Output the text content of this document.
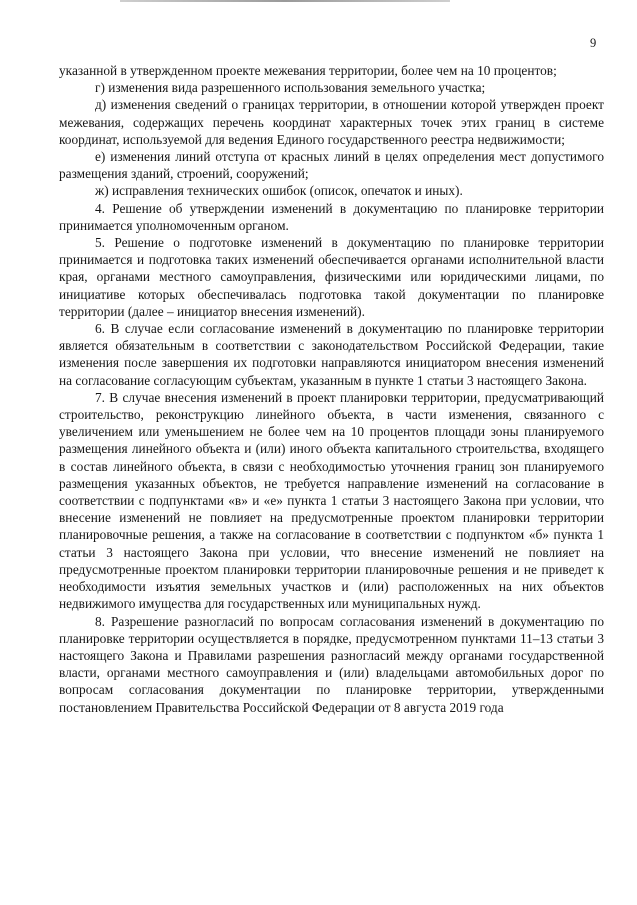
9

указанной в утвержденном проекте межевания территории, более чем на 10 процентов;

г) изменения вида разрешенного использования земельного участка;

д) изменения сведений о границах территории, в отношении которой утвержден проект межевания, содержащих перечень координат характерных точек этих границ в системе координат, используемой для ведения Единого государственного реестра недвижимости;

е) изменения линий отступа от красных линий в целях определения мест допустимого размещения зданий, строений, сооружений;

ж) исправления технических ошибок (описок, опечаток и иных).

4. Решение об утверждении изменений в документацию по планировке территории принимается уполномоченным органом.

5. Решение о подготовке изменений в документацию по планировке территории принимается и подготовка таких изменений обеспечивается органами исполнительной власти края, органами местного самоуправления, физическими или юридическими лицами, по инициативе которых обеспечивалась подготовка такой документации по планировке территории (далее – инициатор внесения изменений).

6. В случае если согласование изменений в документацию по планировке территории является обязательным в соответствии с законодательством Российской Федерации, такие изменения после завершения их подготовки направляются инициатором внесения изменений на согласование согласующим субъектам, указанным в пункте 1 статьи 3 настоящего Закона.

7. В случае внесения изменений в проект планировки территории, предусматривающий строительство, реконструкцию линейного объекта, в части изменения, связанного с увеличением или уменьшением не более чем на 10 процентов площади зоны планируемого размещения линейного объекта и (или) иного объекта капитального строительства, входящего в состав линейного объекта, в связи с необходимостью уточнения границ зон планируемого размещения указанных объектов, не требуется направление изменений на согласование в соответствии с подпунктами «в» и «е» пункта 1 статьи 3 настоящего Закона при условии, что внесение изменений не повлияет на предусмотренные проектом планировки территории планировочные решения, а также на согласование в соответствии с подпунктом «б» пункта 1 статьи 3 настоящего Закона при условии, что внесение изменений не повлияет на предусмотренные проектом планировки территории планировочные решения и не приведет к необходимости изъятия земельных участков и (или) расположенных на них объектов недвижимого имущества для государственных или муниципальных нужд.

8. Разрешение разногласий по вопросам согласования изменений в документацию по планировке территории осуществляется в порядке, предусмотренном пунктами 11–13 статьи 3 настоящего Закона и Правилами разрешения разногласий между органами государственной власти, органами местного самоуправления и (или) владельцами автомобильных дорог по вопросам согласования документации по планировке территории, утвержденными постановлением Правительства Российской Федерации от 8 августа 2019 года
